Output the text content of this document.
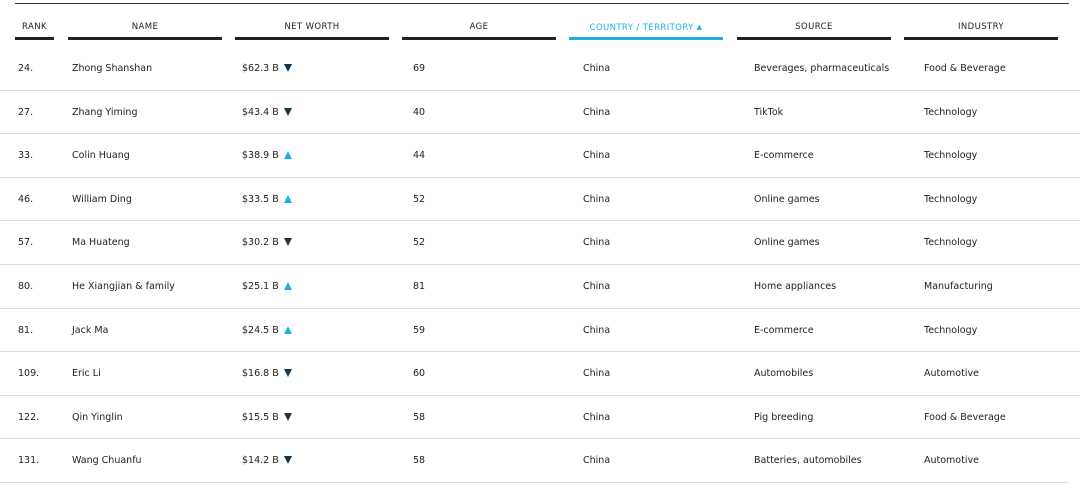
RANK	NAME	NET WORTH	AGE	COUNTRY / TERRITORY ▲	SOURCE	INDUSTRY
24.	Zhong Shanshan	$62.3 B	69	China	Beverages, pharmaceuticals	Food & Beverage
27.	Zhang Yiming	$43.4 B	40	China	TikTok	Technology
33.	Colin Huang	$38.9 B	44	China	E-commerce	Technology
46.	William Ding	$33.5 B	52	China	Online games	Technology
57.	Ma Huateng	$30.2 B	52	China	Online games	Technology
80.	He Xiangjian & family	$25.1 B	81	China	Home appliances	Manufacturing
81.	Jack Ma	$24.5 B	59	China	E-commerce	Technology
109.	Eric Li	$16.8 B	60	China	Automobiles	Automotive
122.	Qin Yinglin	$15.5 B	58	China	Pig breeding	Food & Beverage
131.	Wang Chuanfu	$14.2 B	58	China	Batteries, automobiles	Automotive
